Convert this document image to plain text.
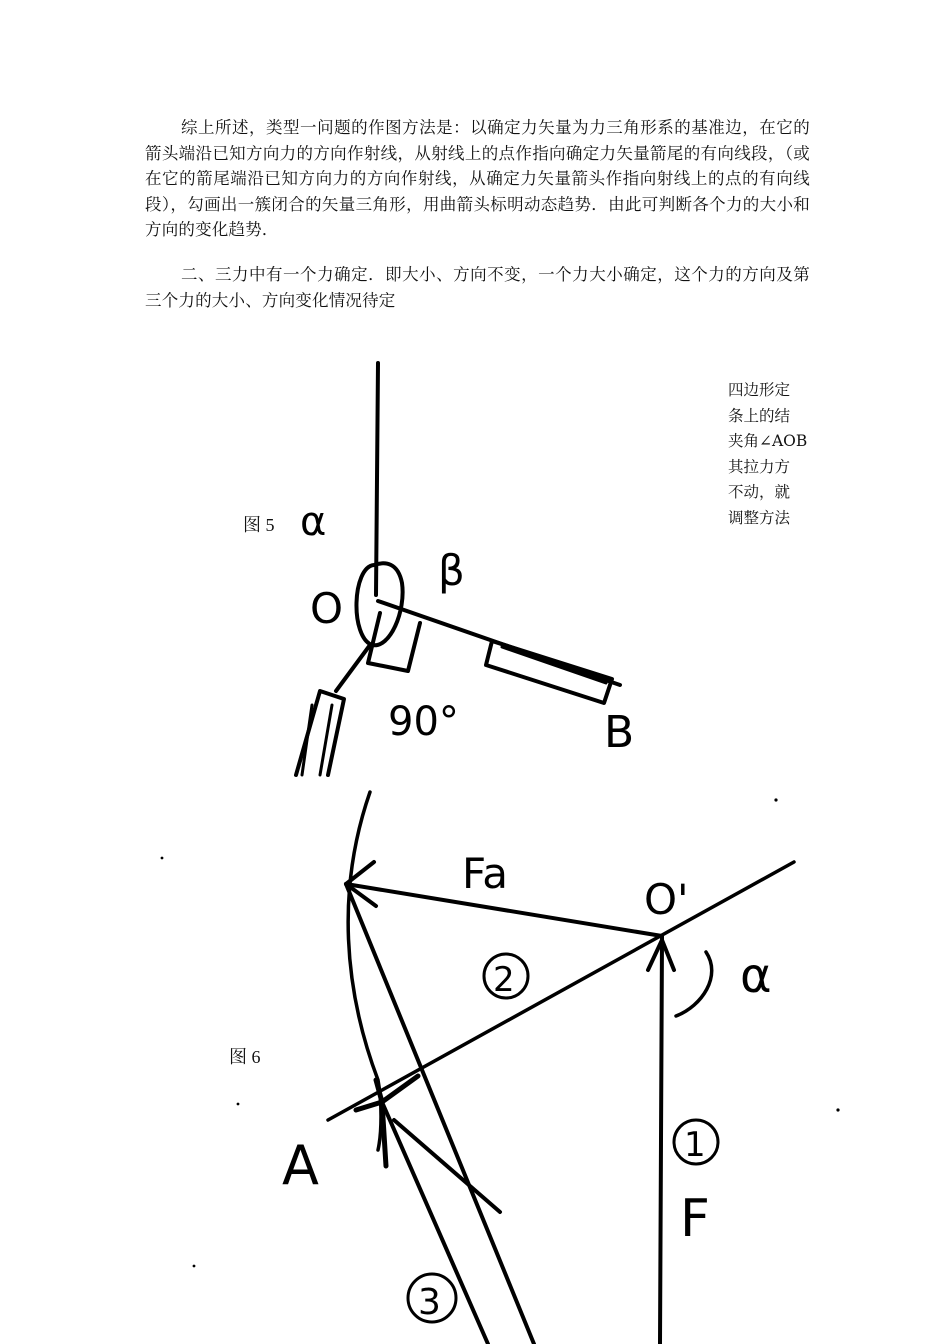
综上所述，类型一问题的作图方法是：以确定力矢量为力三角形系的基准边，在它的箭头端沿已知方向力的方向作射线，从射线上的点作指向确定力矢量箭尾的有向线段，（或在它的箭尾端沿已知方向力的方向作射线，从确定力矢量箭头作指向射线上的点的有向线段），勾画出一簇闭合的矢量三角形，用曲箭头标明动态趋势．由此可判断各个力的大小和方向的变化趋势．

二、三力中有一个力确定．即大小、方向不变，一个力大小确定，这个力的方向及第三个力的大小、方向变化情况待定

四边形定
条上的结
夹角∠AOB
其拉力方
不动，就
调整方法
图 5 α
O
β
90°	B
图 6
Fa
O'
2	α
A	1
F
3
